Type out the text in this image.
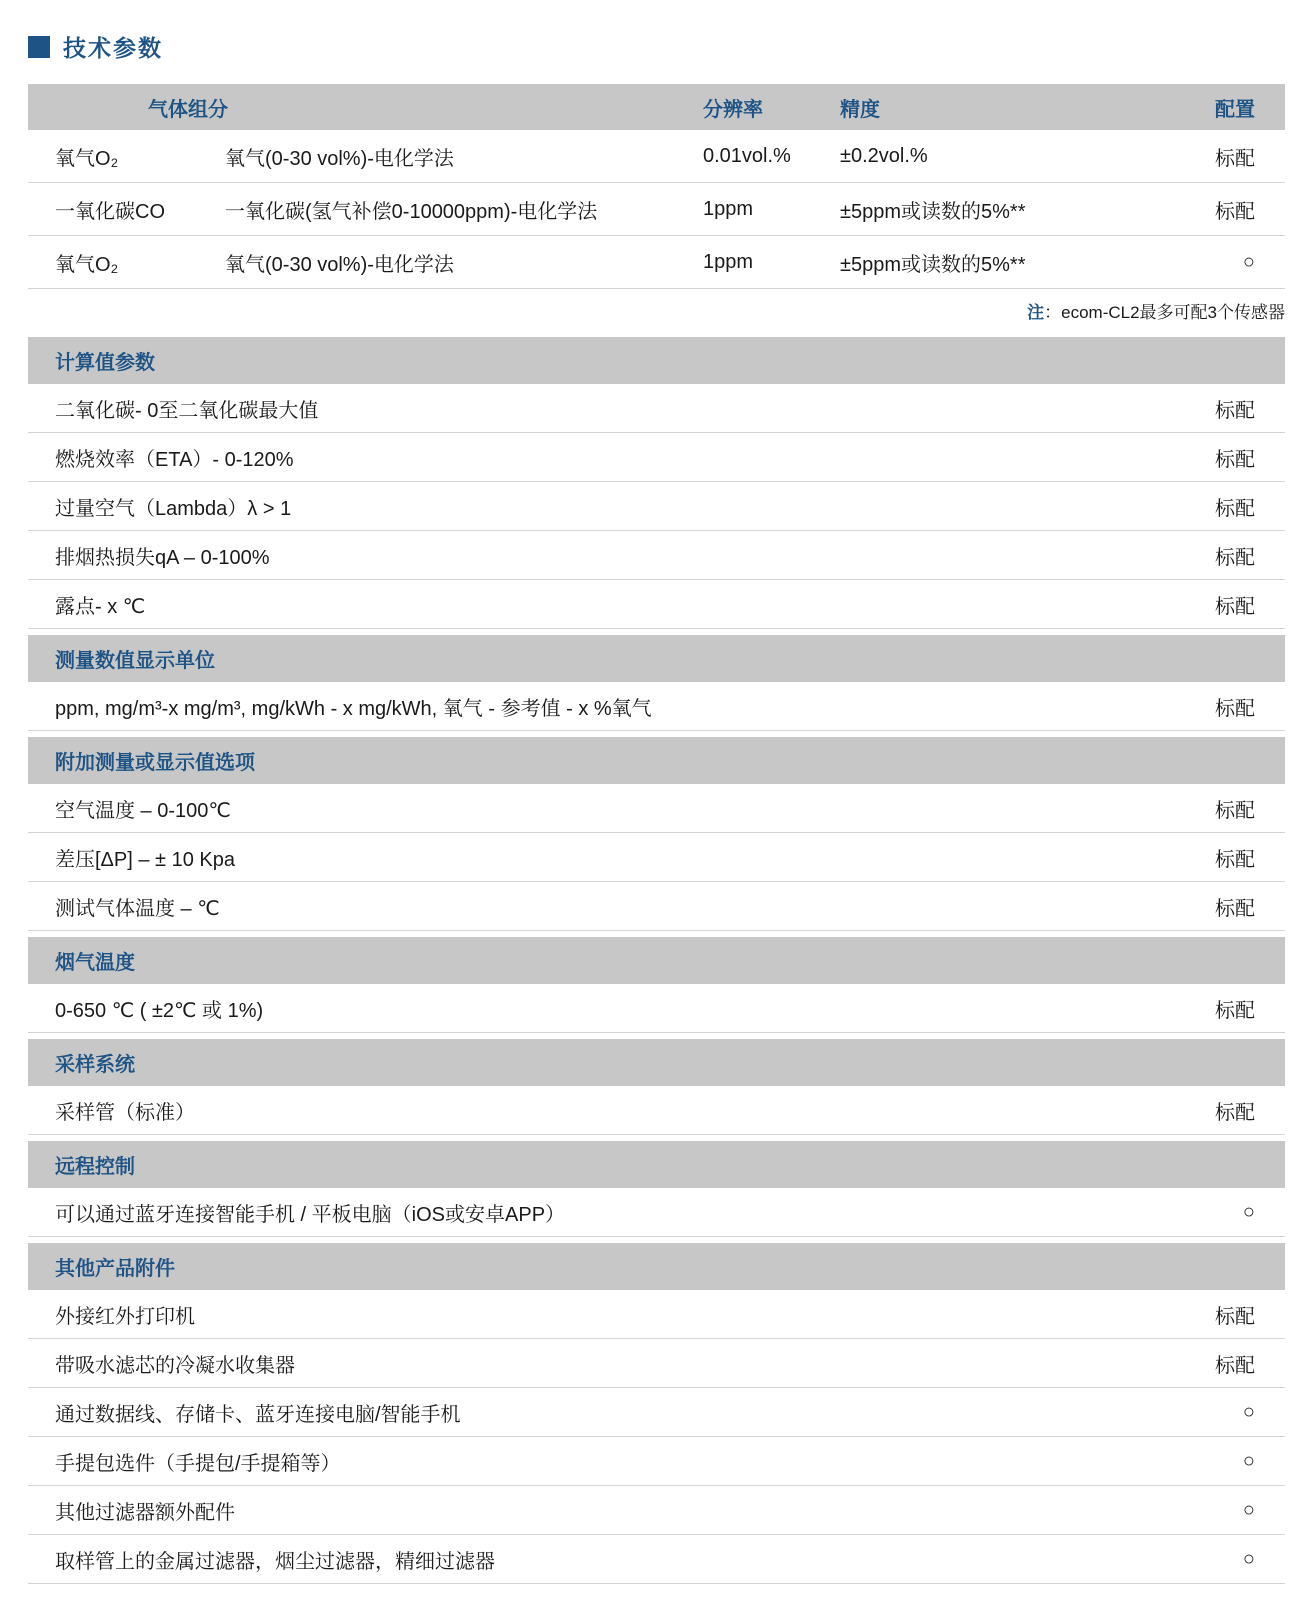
技术参数
气体组分	分辨率	精度	配置
氧气O₂	氧气(0-30 vol%)-电化学法	0.01vol.%	±0.2vol.%	标配
一氧化碳CO	一氧化碳(氢气补偿0-10000ppm)-电化学法	1ppm	±5ppm或读数的5%**	标配
氧气O₂	氧气(0-30 vol%)-电化学法	1ppm	±5ppm或读数的5%**	○
注：ecom-CL2最多可配3个传感器
计算值参数
二氧化碳- 0至二氧化碳最大值	标配
燃烧效率（ETA）- 0-120%	标配
过量空气（Lambda）λ > 1	标配
排烟热损失qA – 0-100%	标配
露点- x ℃	标配
测量数值显示单位
ppm, mg/m³-x mg/m³, mg/kWh - x mg/kWh, 氧气 - 参考值 - x %氧气	标配
附加测量或显示值选项
空气温度 – 0-100℃	标配
差压[ΔP] – ± 10 Kpa	标配
测试气体温度 – ℃	标配
烟气温度
0-650 ℃ ( ±2℃ 或 1%)	标配
采样系统
采样管（标准）	标配
远程控制
可以通过蓝牙连接智能手机 / 平板电脑（iOS或安卓APP）	○
其他产品附件
外接红外打印机	标配
带吸水滤芯的冷凝水收集器	标配
通过数据线、存储卡、蓝牙连接电脑/智能手机	○
手提包选件（手提包/手提箱等）	○
其他过滤器额外配件	○
取样管上的金属过滤器，烟尘过滤器，精细过滤器	○
